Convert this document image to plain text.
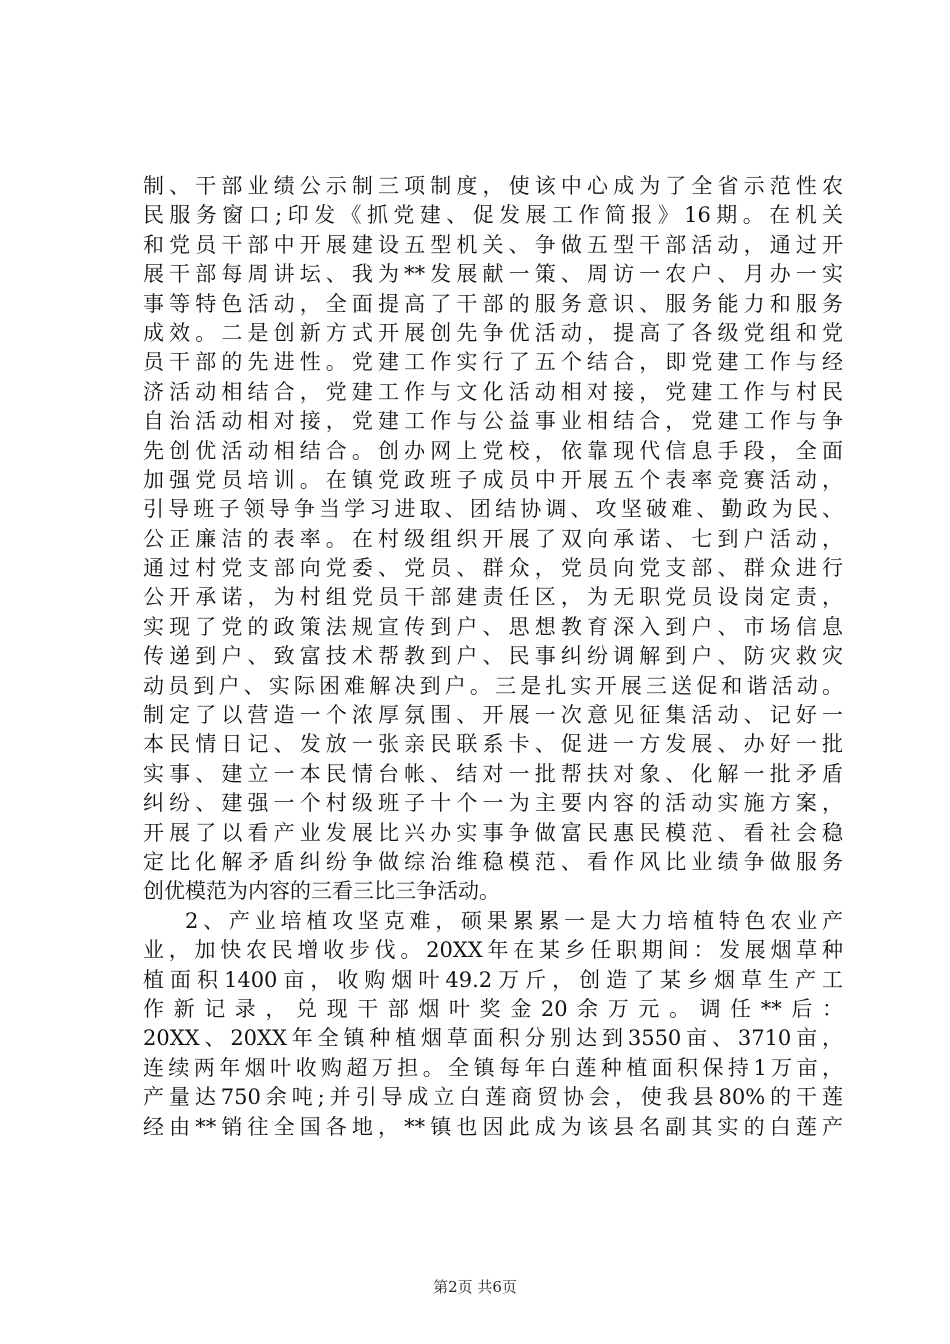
制、干部业绩公示制三项制度，使该中心成为了全省示范性农
民服务窗口;印发《抓党建、促发展工作简报》16期。在机关
和党员干部中开展建设五型机关、争做五型干部活动，通过开
展干部每周讲坛、我为**发展献一策、周访一农户、月办一实
事等特色活动，全面提高了干部的服务意识、服务能力和服务
成效。二是创新方式开展创先争优活动，提高了各级党组和党
员干部的先进性。党建工作实行了五个结合，即党建工作与经
济活动相结合，党建工作与文化活动相对接，党建工作与村民
自治活动相对接，党建工作与公益事业相结合，党建工作与争
先创优活动相结合。创办网上党校，依靠现代信息手段，全面
加强党员培训。在镇党政班子成员中开展五个表率竞赛活动，
引导班子领导争当学习进取、团结协调、攻坚破难、勤政为民、
公正廉洁的表率。在村级组织开展了双向承诺、七到户活动，
通过村党支部向党委、党员、群众，党员向党支部、群众进行
公开承诺，为村组党员干部建责任区，为无职党员设岗定责，
实现了党的政策法规宣传到户、思想教育深入到户、市场信息
传递到户、致富技术帮教到户、民事纠纷调解到户、防灾救灾
动员到户、实际困难解决到户。三是扎实开展三送促和谐活动。
制定了以营造一个浓厚氛围、开展一次意见征集活动、记好一
本民情日记、发放一张亲民联系卡、促进一方发展、办好一批
实事、建立一本民情台帐、结对一批帮扶对象、化解一批矛盾
纠纷、建强一个村级班子十个一为主要内容的活动实施方案，
开展了以看产业发展比兴办实事争做富民惠民模范、看社会稳
定比化解矛盾纠纷争做综治维稳模范、看作风比业绩争做服务
创优模范为内容的三看三比三争活动。
2、产业培植攻坚克难，硕果累累一是大力培植特色农业产
业，加快农民增收步伐。20XX年在某乡任职期间：发展烟草种
植面积1400亩，收购烟叶49.2万斤，创造了某乡烟草生产工
作新记录，兑现干部烟叶奖金20余万元。调任**后：
20XX、20XX年全镇种植烟草面积分别达到3550亩、3710亩，
连续两年烟叶收购超万担。全镇每年白莲种植面积保持1万亩，
产量达750余吨;并引导成立白莲商贸协会，使我县80%的干莲
经由**销往全国各地，**镇也因此成为该县名副其实的白莲产
第2页 共6页
